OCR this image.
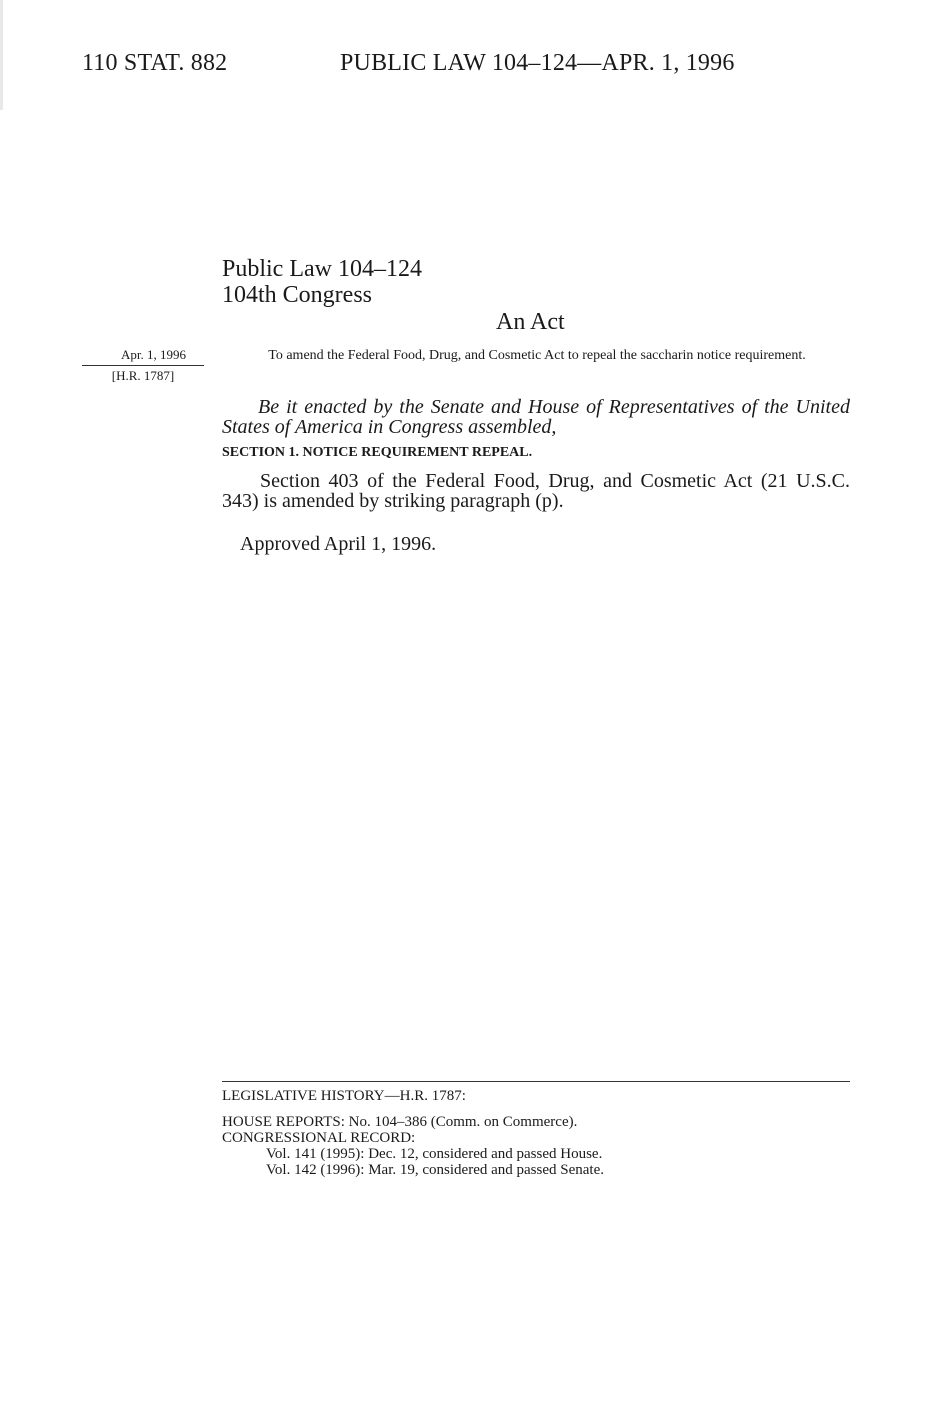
110 STAT. 882	PUBLIC LAW 104–124—APR. 1, 1996
Public Law 104–124
104th Congress
An Act
Apr. 1, 1996
[H.R. 1787]
To amend the Federal Food, Drug, and Cosmetic Act to repeal the saccharin notice requirement.
Be it enacted by the Senate and House of Representatives of the United States of America in Congress assembled,
SECTION 1. NOTICE REQUIREMENT REPEAL.
Section 403 of the Federal Food, Drug, and Cosmetic Act (21 U.S.C. 343) is amended by striking paragraph (p).
Approved April 1, 1996.
LEGISLATIVE HISTORY—H.R. 1787:
HOUSE REPORTS: No. 104–386 (Comm. on Commerce).
CONGRESSIONAL RECORD:
Vol. 141 (1995): Dec. 12, considered and passed House.
Vol. 142 (1996): Mar. 19, considered and passed Senate.
